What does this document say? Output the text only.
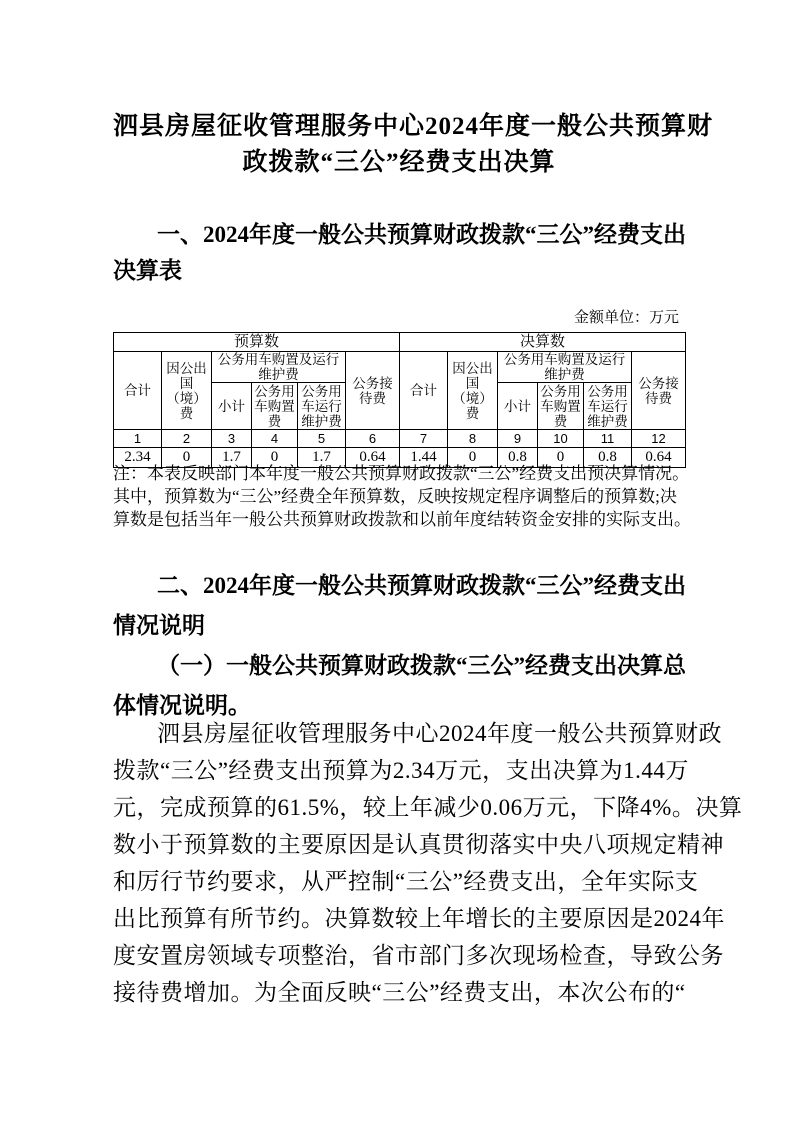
泗县房屋征收管理服务中心2024年度一般公共预算财
政拨款“三公”经费支出决算
一、2024年度一般公共预算财政拨款“三公”经费支出
决算表
金额单位：万元
预算数						决算数					
合计	因公出国（境）费	公务用车购置及运行维护费			公务接待费	合计	因公出国（境）费	公务用车购置及运行维护费			公务接待费
		小计	公务用车购置费	公务用车运行维护费				小计	公务用车购置费	公务用车运行维护费	
1	2	3	4	5	6	7	8	9	10	11	12
2.34	0	1.7	0	1.7	0.64	1.44	0	0.8	0	0.8	0.64
注：本表反映部门本年度一般公共预算财政拨款“三公”经费支出预决算情况。
其中，预算数为“三公”经费全年预算数，反映按规定程序调整后的预算数;决
算数是包括当年一般公共预算财政拨款和以前年度结转资金安排的实际支出。
二、2024年度一般公共预算财政拨款“三公”经费支出
情况说明
（一）一般公共预算财政拨款“三公”经费支出决算总
体情况说明。
泗县房屋征收管理服务中心2024年度一般公共预算财政
拨款“三公”经费支出预算为2.34万元，支出决算为1.44万
元，完成预算的61.5%，较上年减少0.06万元，下降4%。决算
数小于预算数的主要原因是认真贯彻落实中央八项规定精神
和厉行节约要求，从严控制“三公”经费支出，全年实际支
出比预算有所节约。决算数较上年增长的主要原因是2024年
度安置房领域专项整治，省市部门多次现场检查，导致公务
接待费增加。为全面反映“三公”经费支出，本次公布的“
